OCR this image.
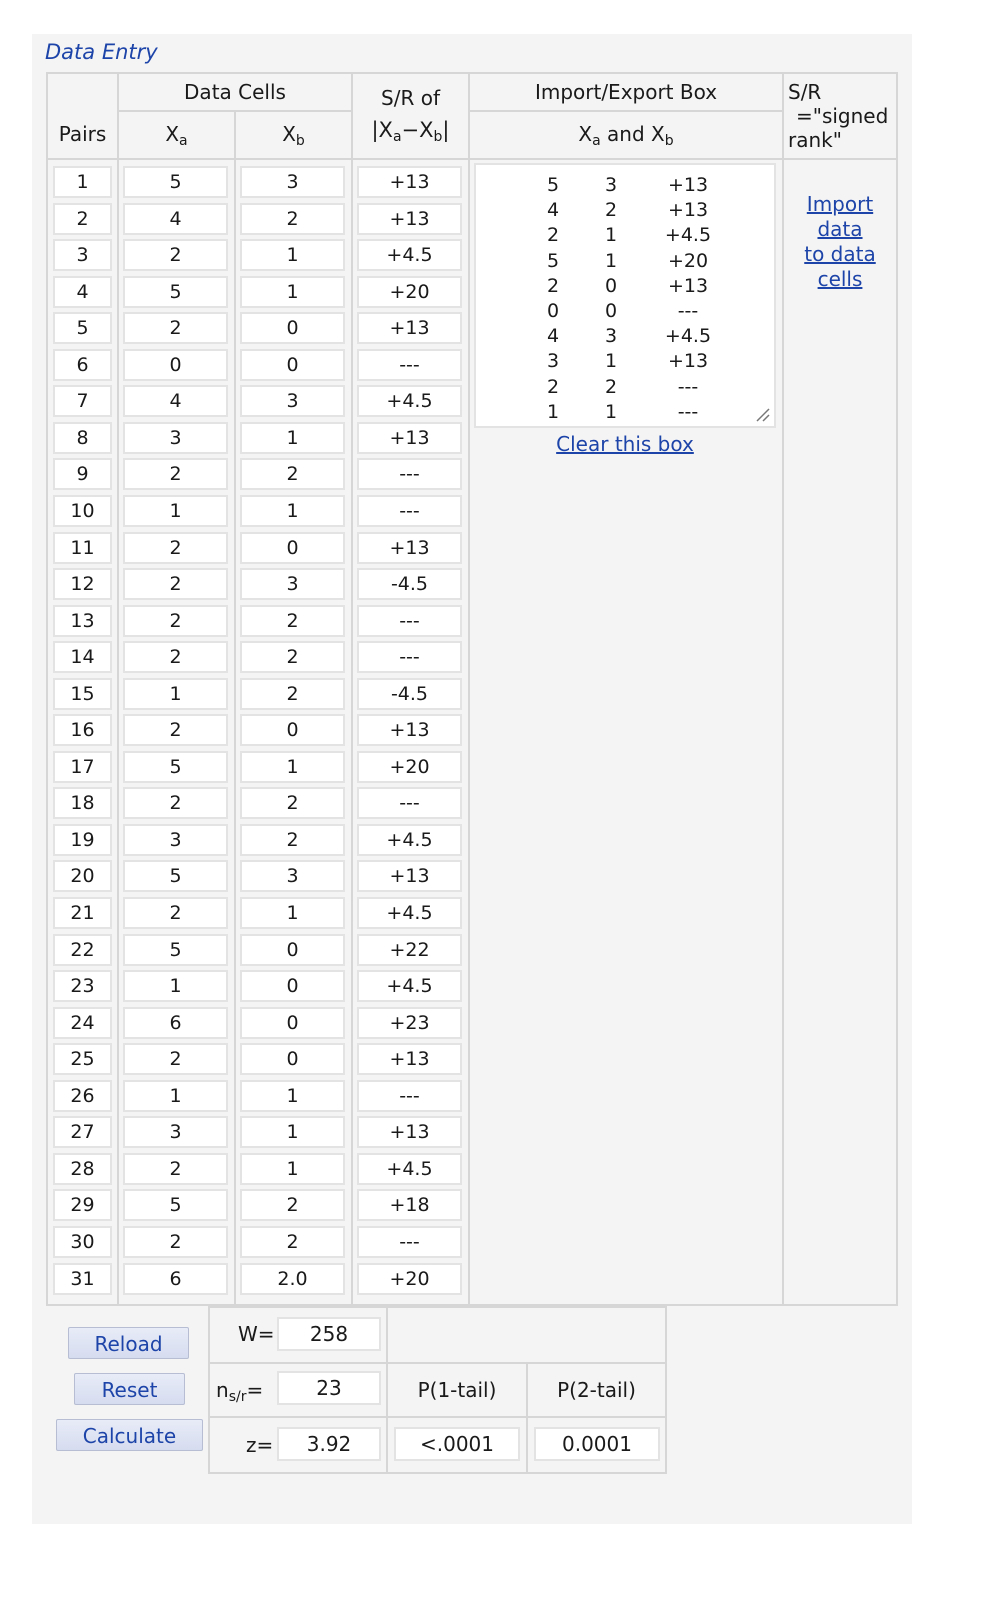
Data Entry
Data Cells
Pairs	$X_a$	$X_b$
S/R of
$|X_a-X_b|$
Import/Export Box
$X_a$ and $X_b$
S/R
="signed
rank"
1	5	3	+13
2	4	2	+13
3	2	1	+4.5
4	5	1	+20
5	2	0	+13
6	0	0	---
7	4	3	+4.5
8	3	1	+13
9	2	2	---
10	1	1	---
11	2	0	+13
12	2	3	-4.5
13	2	2	---
14	2	2	---
15	1	2	-4.5
16	2	0	+13
17	5	1	+20
18	2	2	---
19	3	2	+4.5
20	5	3	+13
21	2	1	+4.5
22	5	0	+22
23	1	0	+4.5
24	6	0	+23
25	2	0	+13
26	1	1	---
27	3	1	+13
28	2	1	+4.5
29	5	2	+18
30	2	2	---
31	6	2.0	+20
5	3	+13
4	2	+13
2	1	+4.5
5	1	+20
2	0	+13
0	0	---
4	3	+4.5
3	1	+13
2	2	---
1	1	---
Clear this box
Import
data
to data
cells
Reload
Reset
Calculate
W=	258
$n_{s/r}=$	23
z=	3.92
P(1-tail)
<.0001
P(2-tail)
0.0001
